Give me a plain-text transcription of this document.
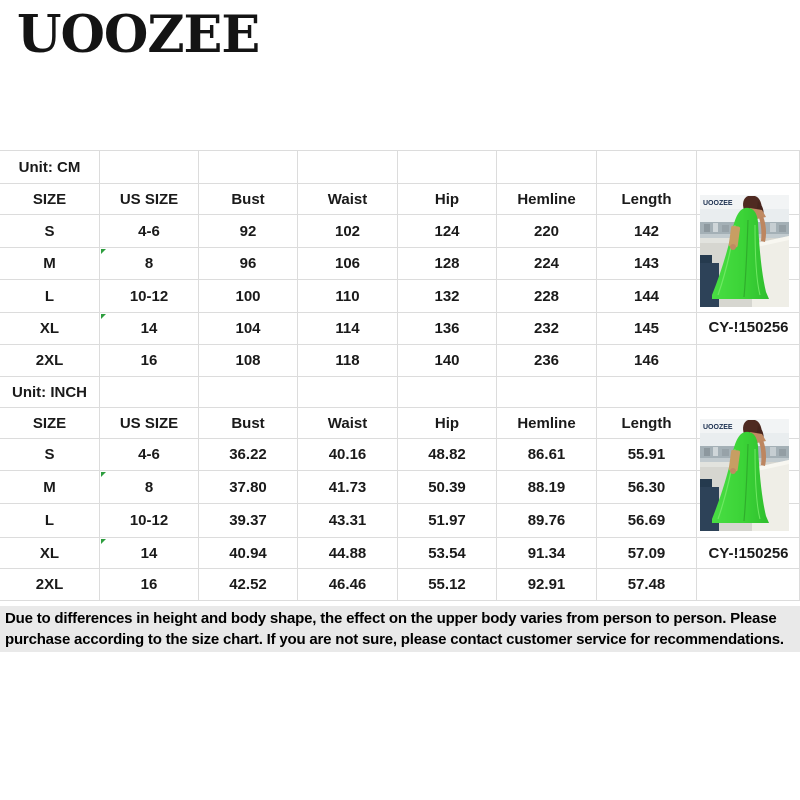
UOOZEE
Unit: CM
SIZE	US SIZE	Bust	Waist	Hip	Hemline	Length
S	4-6	92	102	124	220	142
M	8	96	106	128	224	143
L	10-12	100	110	132	228	144
XL	14	104	114	136	232	145
2XL	16	108	118	140	236	146
Unit: INCH
SIZE	US SIZE	Bust	Waist	Hip	Hemline	Length
S	4-6	36.22	40.16	48.82	86.61	55.91
M	8	37.80	41.73	50.39	88.19	56.30
L	10-12	39.37	43.31	51.97	89.76	56.69
XL	14	40.94	44.88	53.54	91.34	57.09
2XL	16	42.52	46.46	55.12	92.91	57.48
CY-!150256
CY-!150256
Due to differences in height and body shape, the effect on the upper body varies from person to person. Please purchase according to the size chart. If you are not sure, please contact customer service for recommendations.
